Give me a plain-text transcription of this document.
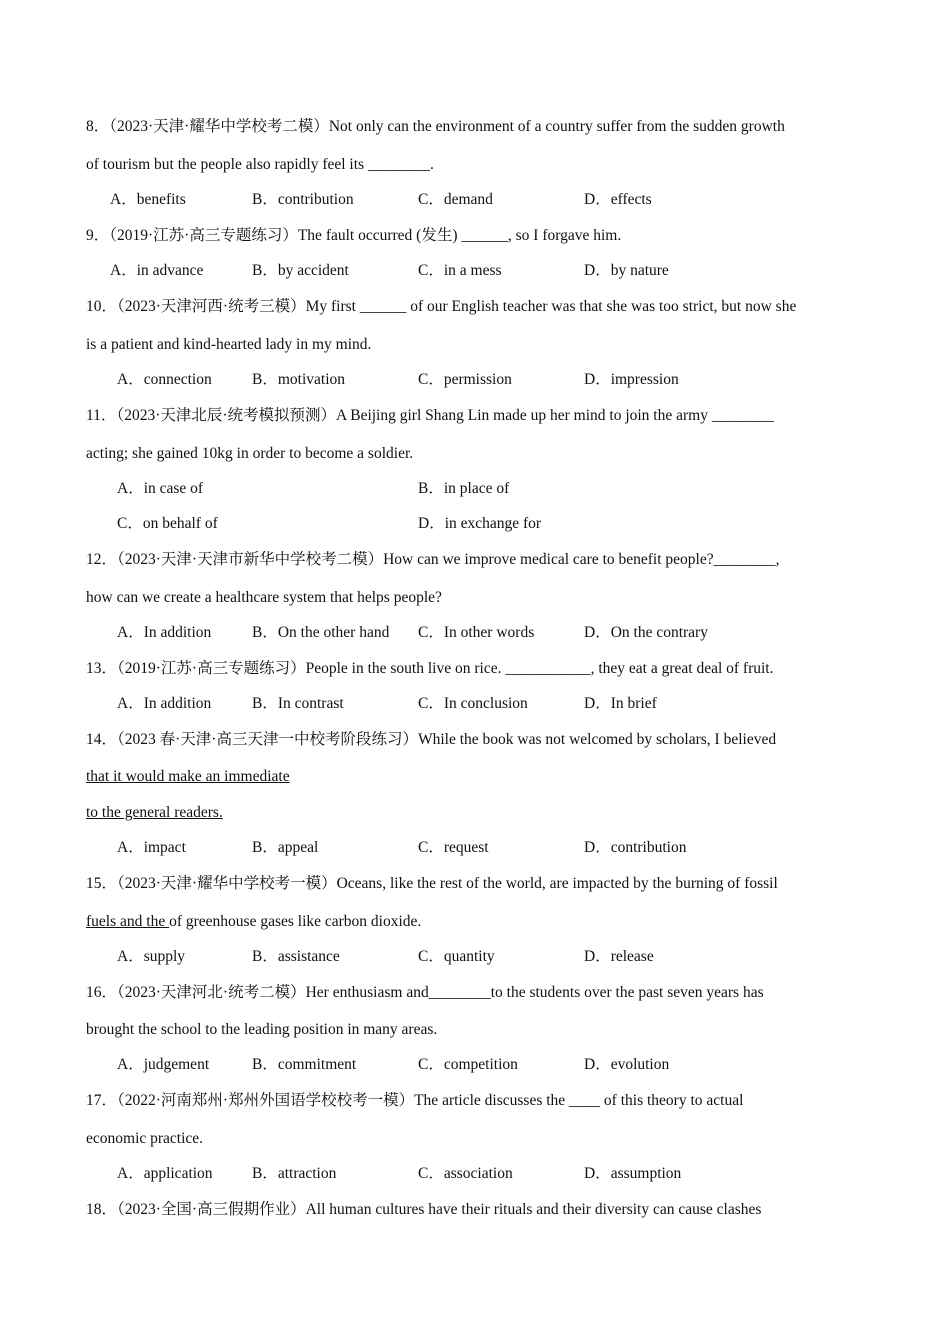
8．（2023·天津·耀华中学校考二模）Not only can the environment of a country suffer from the sudden growth
of tourism but the people also rapidly feel its ________.
A．benefits	B．contribution	C．demand	D．effects
9．（2019·江苏·高三专题练习）The fault occurred (发生) ______, so I forgave him.
A．in advance	B．by accident	C．in a mess	D．by nature
10．（2023·天津河西·统考三模）My first ______ of our English teacher was that she was too strict, but now she
is a patient and kind-hearted lady in my mind.
A．connection	B．motivation	C．permission	D．impression
11．（2023·天津北辰·统考模拟预测）A Beijing girl Shang Lin made up her mind to join the army ________
acting; she gained 10kg in order to become a soldier.
A．in case of	B．in place of
C．on behalf of	D．in exchange for
12．（2023·天津·天津市新华中学校考二模）How can we improve medical care to benefit people?________,
how can we create a healthcare system that helps people?
A．In addition	B．On the other hand C．In other words	D．On the contrary
13．（2019·江苏·高三专题练习）People in the south live on rice. ___________, they eat a great deal of fruit.
A．In addition	B．In contrast	C．In conclusion	D．In brief
14．（2023 春·天津·高三天津一中校考阶段练习）While the book was not welcomed by scholars, I believed
that it would make an immediate
to the general readers.
A．impact	B．appeal	C．request	D．contribution
15．（2023·天津·耀华中学校考一模）Oceans, like the rest of the world, are impacted by the burning of fossil
fuels and the of greenhouse gases like carbon dioxide.
A．supply	B．assistance	C．quantity	D．release
16．（2023·天津河北·统考二模）Her enthusiasm and________to the students over the past seven years has
brought the school to the leading position in many areas.
A．judgement	B．commitment	C．competition	D．evolution
17．（2022·河南郑州·郑州外国语学校校考一模）The article discusses the ____ of this theory to actual
economic practice.
A．application	B．attraction	C．association	D．assumption
18．（2023·全国·高三假期作业）All human cultures have their rituals and their diversity can cause clashes
